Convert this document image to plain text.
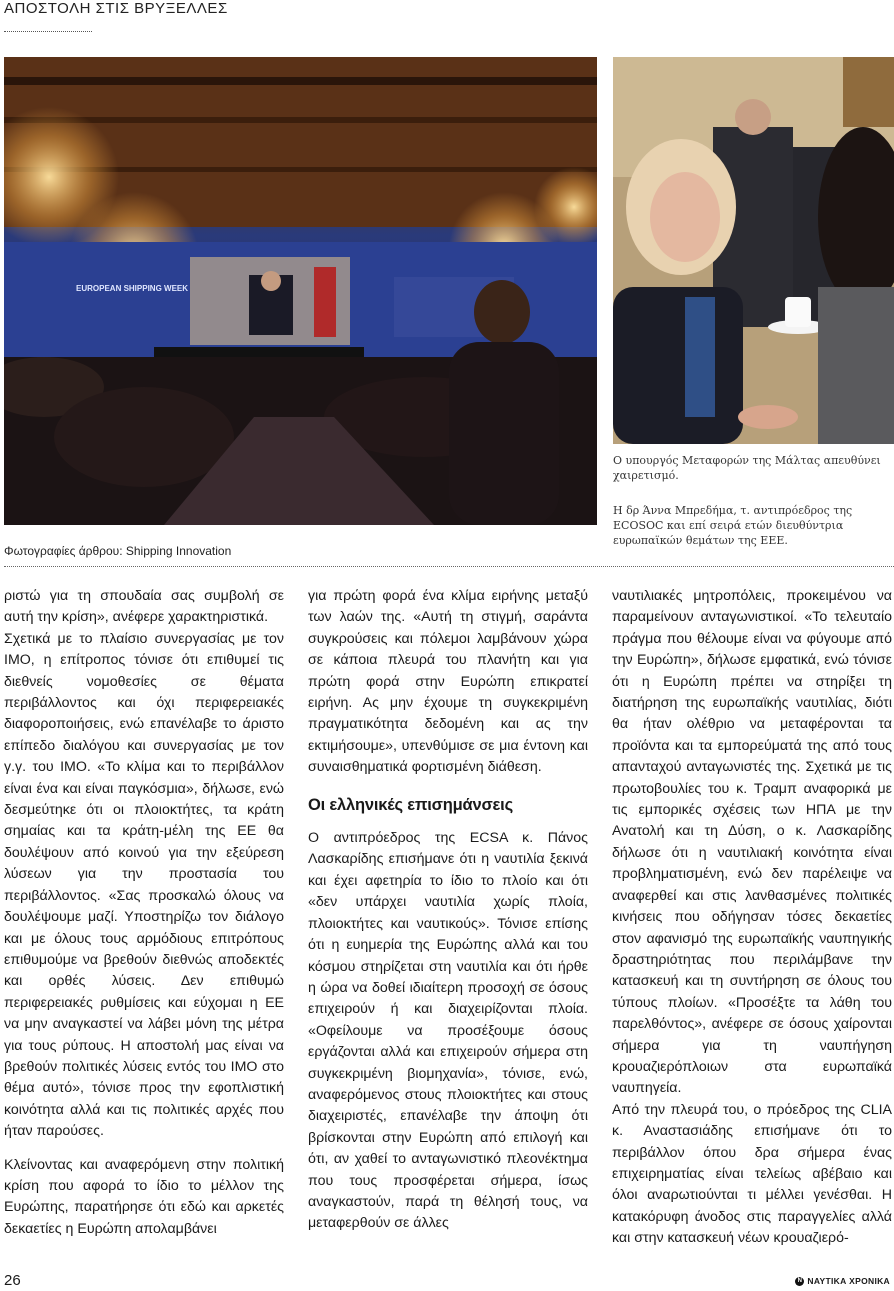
ΑΠΟΣΤΟΛΗ ΣΤΙΣ ΒΡΥΞΕΛΛΕΣ
EUROPEAN SHIPPING WEEK
Ο υπουργός Μεταφορών της Μάλτας απευθύνει χαιρετισμό.
Η δρ Άννα Μπρεδήμα, τ. αντιπρόεδρος της ECOSOC και επί σειρά ετών διευθύντρια ευρωπαϊκών θεμάτων της ΕΕΕ.
Φωτογραφίες άρθρου: Shipping Innovation

ριστώ για τη σπουδαία σας συμβολή σε αυτή την κρίση», ανέφερε χαρακτηριστικά.

Σχετικά με το πλαίσιο συνεργασίας με τον ΙΜΟ, η επίτροπος τόνισε ότι επιθυμεί τις διεθνείς νομοθεσίες σε θέματα περιβάλλοντος και όχι περιφερειακές διαφοροποιήσεις, ενώ επανέλαβε το άριστο επίπεδο διαλόγου και συνεργασίας με τον γ.γ. του ΙΜΟ. «Το κλίμα και το περιβάλλον είναι ένα και είναι παγκόσμια», δήλωσε, ενώ δεσμεύτηκε ότι οι πλοιοκτήτες, τα κράτη σημαίας και τα κράτη-μέλη της ΕΕ θα δουλέψουν από κοινού για την εξεύρεση λύσεων για την προστασία του περιβάλλοντος. «Σας προσκαλώ όλους να δουλέψουμε μαζί. Υποστηρίζω τον διάλογο και με όλους τους αρμόδιους επιτρόπους επιθυμούμε να βρεθούν διεθνώς αποδεκτές και ορθές λύσεις. Δεν επιθυμώ περιφερειακές ρυθμίσεις και εύχομαι η ΕΕ να μην αναγκαστεί να λάβει μόνη της μέτρα για τους ρύπους. Η αποστολή μας είναι να βρεθούν πολιτικές λύσεις εντός του ΙΜΟ στο θέμα αυτό», τόνισε προς την εφοπλιστική κοινότητα αλλά και τις πολιτικές αρχές που ήταν παρούσες.

Κλείνοντας και αναφερόμενη στην πολιτική κρίση που αφορά το ίδιο το μέλλον της Ευρώπης, παρατήρησε ότι εδώ και αρκετές δεκαετίες η Ευρώπη απολαμβάνει

για πρώτη φορά ένα κλίμα ειρήνης μεταξύ των λαών της. «Αυτή τη στιγμή, σαράντα συγκρούσεις και πόλεμοι λαμβάνουν χώρα σε κάποια πλευρά του πλανήτη και για πρώτη φορά στην Ευρώπη επικρατεί ειρήνη. Ας μην έχουμε τη συγκεκριμένη πραγματικότητα δεδομένη και ας την εκτιμήσουμε», υπενθύμισε σε μια έντονη και συναισθηματικά φορτισμένη διάθεση.

Οι ελληνικές επισημάνσεις

Ο αντιπρόεδρος της ECSA κ. Πάνος Λασκαρίδης επισήμανε ότι η ναυτιλία ξεκινά και έχει αφετηρία το ίδιο το πλοίο και ότι «δεν υπάρχει ναυτιλία χωρίς πλοία, πλοιοκτήτες και ναυτικούς». Τόνισε επίσης ότι η ευημερία της Ευρώπης αλλά και του κόσμου στηρίζεται στη ναυτιλία και ότι ήρθε η ώρα να δοθεί ιδιαίτερη προσοχή σε όσους επιχειρούν ή και διαχειρίζονται πλοία. «Οφείλουμε να προσέξουμε όσους εργάζονται αλλά και επιχειρούν σήμερα στη συγκεκριμένη βιομηχανία», τόνισε, ενώ, αναφερόμενος στους πλοιοκτήτες και στους διαχειριστές, επανέλαβε την άποψη ότι βρίσκονται στην Ευρώπη από επιλογή και ότι, αν χαθεί το ανταγωνιστικό πλεονέκτημα που τους προσφέρεται σήμερα, ίσως αναγκαστούν, παρά τη θέλησή τους, να μεταφερθούν σε άλλες

ναυτιλιακές μητροπόλεις, προκειμένου να παραμείνουν ανταγωνιστικοί. «Το τελευταίο πράγμα που θέλουμε είναι να φύγουμε από την Ευρώπη», δήλωσε εμφατικά, ενώ τόνισε ότι η Ευρώπη πρέπει να στηρίξει τη διατήρηση της ευρωπαϊκής ναυτιλίας, διότι θα ήταν ολέθριο να μεταφέρονται τα προϊόντα και τα εμπορεύματά της από τους απανταχού ανταγωνιστές της. Σχετικά με τις πρωτοβουλίες του κ. Τραμπ αναφορικά με τις εμπορικές σχέσεις των ΗΠΑ με την Ανατολή και τη Δύση, ο κ. Λασκαρίδης δήλωσε ότι η ναυτιλιακή κοινότητα είναι προβληματισμένη, ενώ δεν παρέλειψε να αναφερθεί και στις λανθασμένες πολιτικές κινήσεις που οδήγησαν τόσες δεκαετίες στον αφανισμό της ευρωπαϊκής ναυπηγικής δραστηριότητας που περιλάμβανε την κατασκευή και τη συντήρηση σε όλους του τύπους πλοίων. «Προσέξτε τα λάθη του παρελθόντος», ανέφερε σε όσους χαίρονται σήμερα για τη ναυπήγηση κρουαζιερόπλοιων στα ευρωπαϊκά ναυπηγεία.

Από την πλευρά του, ο πρόεδρος της CLIA κ. Αναστασιάδης επισήμανε ότι το περιβάλλον όπου δρα σήμερα ένας επιχειρηματίας είναι τελείως αβέβαιο και όλοι αναρωτιούνται τι μέλλει γενέσθαι. Η κατακόρυφη άνοδος στις παραγγελίες αλλά και στην κατασκευή νέων κρουαζιερό-

26	N ΝΑΥΤΙΚΑ ΧΡΟΝΙΚΑ
